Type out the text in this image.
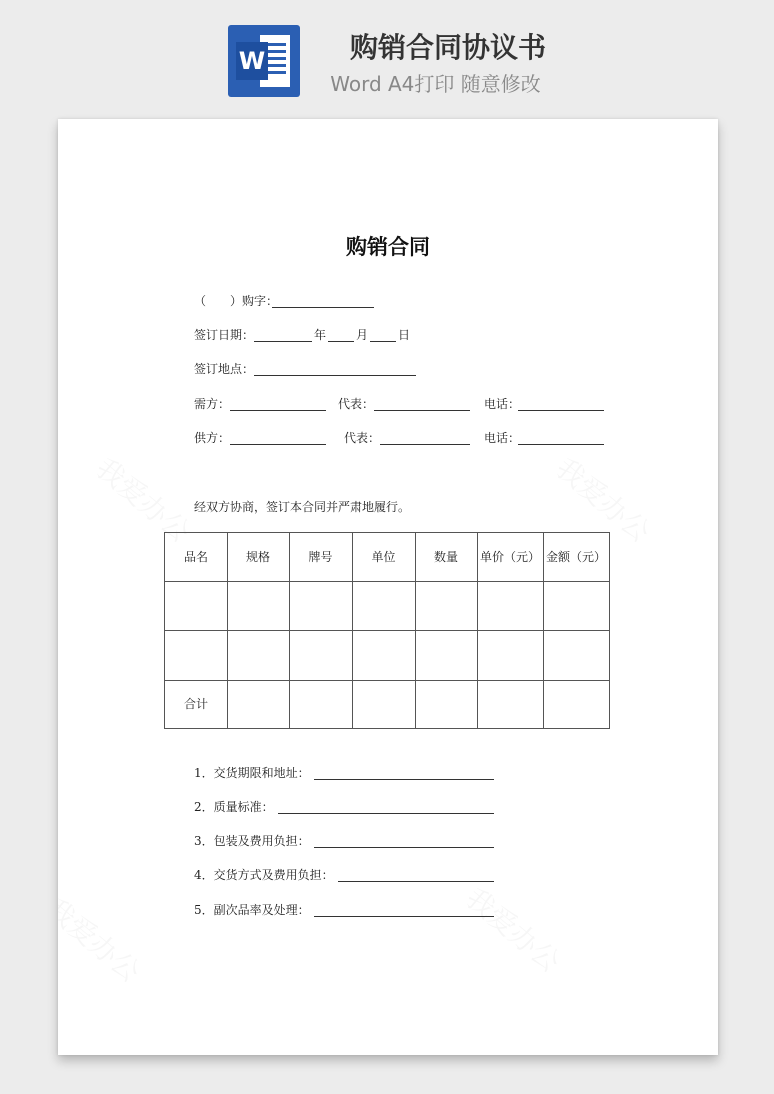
W	购销合同协议书
Word A4打印 随意修改
购销合同
（　　）购字：
签订日期：	年 月 日
签订地点：
需方：	代表：	电话：
供方：	代表：	电话：
经双方协商，签订本合同并严肃地履行。
品名	规格	牌号	单位	数量	单价（元） 金额（元）
合计
1．交货期限和地址：
2．质量标准：
3．包装及费用负担：
4．交货方式及费用负担：
5．副次品率及处理：
